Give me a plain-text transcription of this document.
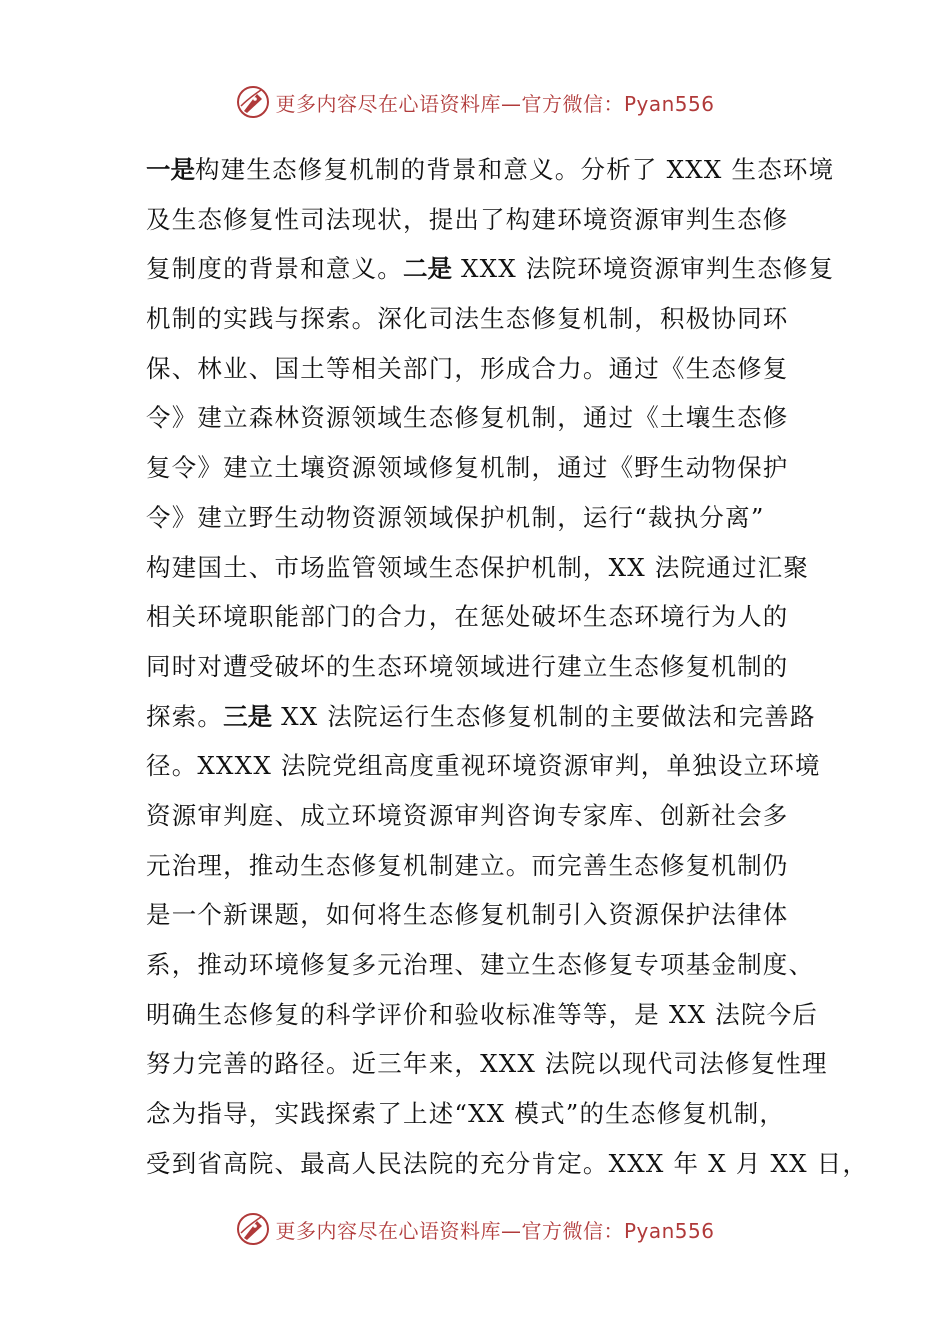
更多内容尽在心语资料库—官方微信：Pyan556
一是构建生态修复机制的背景和意义。分析了 XXX 生态环境
及生态修复性司法现状，提出了构建环境资源审判生态修
复制度的背景和意义。二是 XXX 法院环境资源审判生态修复
机制的实践与探索。深化司法生态修复机制，积极协同环
保、林业、国土等相关部门，形成合力。通过《生态修复
令》建立森林资源领域生态修复机制，通过《土壤生态修
复令》建立土壤资源领域修复机制，通过《野生动物保护
令》建立野生动物资源领域保护机制，运行“裁执分离”
构建国土、市场监管领域生态保护机制，XX 法院通过汇聚
相关环境职能部门的合力，在惩处破坏生态环境行为人的
同时对遭受破坏的生态环境领域进行建立生态修复机制的
探索。三是 XX 法院运行生态修复机制的主要做法和完善路
径。XXXX 法院党组高度重视环境资源审判，单独设立环境
资源审判庭、成立环境资源审判咨询专家库、创新社会多
元治理，推动生态修复机制建立。而完善生态修复机制仍
是一个新课题，如何将生态修复机制引入资源保护法律体
系，推动环境修复多元治理、建立生态修复专项基金制度、
明确生态修复的科学评价和验收标准等等，是 XX 法院今后
努力完善的路径。近三年来，XXX 法院以现代司法修复性理
念为指导，实践探索了上述“XX 模式”的生态修复机制，
受到省高院、最高人民法院的充分肯定。XXX 年 X 月 XX 日，
更多内容尽在心语资料库—官方微信：Pyan556
